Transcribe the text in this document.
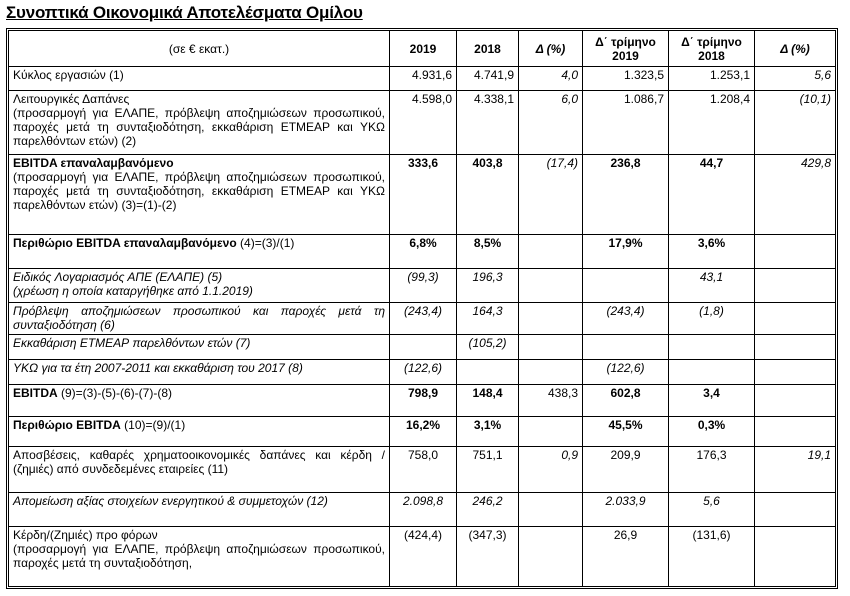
Συνοπτικά Οικονομικά Αποτελέσματα Ομίλου
(σε € εκατ.)	2019	2018	Δ (%)	Δ΄ τρίμηνο 2019	Δ΄ τρίμηνο 2018	Δ (%)
Κύκλος εργασιών (1)	4.931,6	4.741,9	4,0	1.323,5	1.253,1	5,6
Λειτουργικές Δαπάνες
(προσαρμογή για ΕΛΑΠΕ, πρόβλεψη αποζημιώσεων προσωπικού, παροχές μετά τη συνταξιοδότηση, εκκαθάριση ΕΤΜΕΑΡ και ΥΚΩ παρελθόντων ετών) (2)	4.598,0	4.338,1	6,0	1.086,7	1.208,4	(10,1)
EBITDA επαναλαμβανόμενο
(προσαρμογή για ΕΛΑΠΕ, πρόβλεψη αποζημιώσεων προσωπικού, παροχές μετά τη συνταξιοδότηση, εκκαθάριση ΕΤΜΕΑΡ και ΥΚΩ παρελθόντων ετών) (3)=(1)-(2)	333,6	403,8	(17,4)	236,8	44,7	429,8
Περιθώριο EBITDA επαναλαμβανόμενο (4)=(3)/(1)	6,8%	8,5%		17,9%	3,6%	
Ειδικός Λογαριασμός ΑΠΕ (ΕΛΑΠΕ) (5)
(χρέωση η οποία καταργήθηκε από 1.1.2019)	(99,3)	196,3			43,1	
Πρόβλεψη αποζημιώσεων προσωπικού και παροχές μετά τη συνταξιοδότηση (6)	(243,4)	164,3		(243,4)	(1,8)	
Εκκαθάριση ΕΤΜΕΑΡ παρελθόντων ετών (7)		(105,2)				
ΥΚΩ για τα έτη 2007-2011 και εκκαθάριση του 2017 (8)	(122,6)			(122,6)		
EBITDA (9)=(3)-(5)-(6)-(7)-(8)	798,9	148,4	438,3	602,8	3,4	
Περιθώριο EBITDA (10)=(9)/(1)	16,2%	3,1%		45,5%	0,3%	
Αποσβέσεις, καθαρές χρηματοοικονομικές δαπάνες και κέρδη / (ζημιές) από συνδεδεμένες εταιρείες (11)	758,0	751,1	0,9	209,9	176,3	19,1
Απομείωση αξίας στοιχείων ενεργητικού & συμμετοχών (12)	2.098,8	246,2		2.033,9	5,6	
Κέρδη/(Ζημιές) προ φόρων
(προσαρμογή για ΕΛΑΠΕ, πρόβλεψη αποζημιώσεων προσωπικού, παροχές μετά τη συνταξιοδότηση,	(424,4)	(347,3)		26,9	(131,6)	
